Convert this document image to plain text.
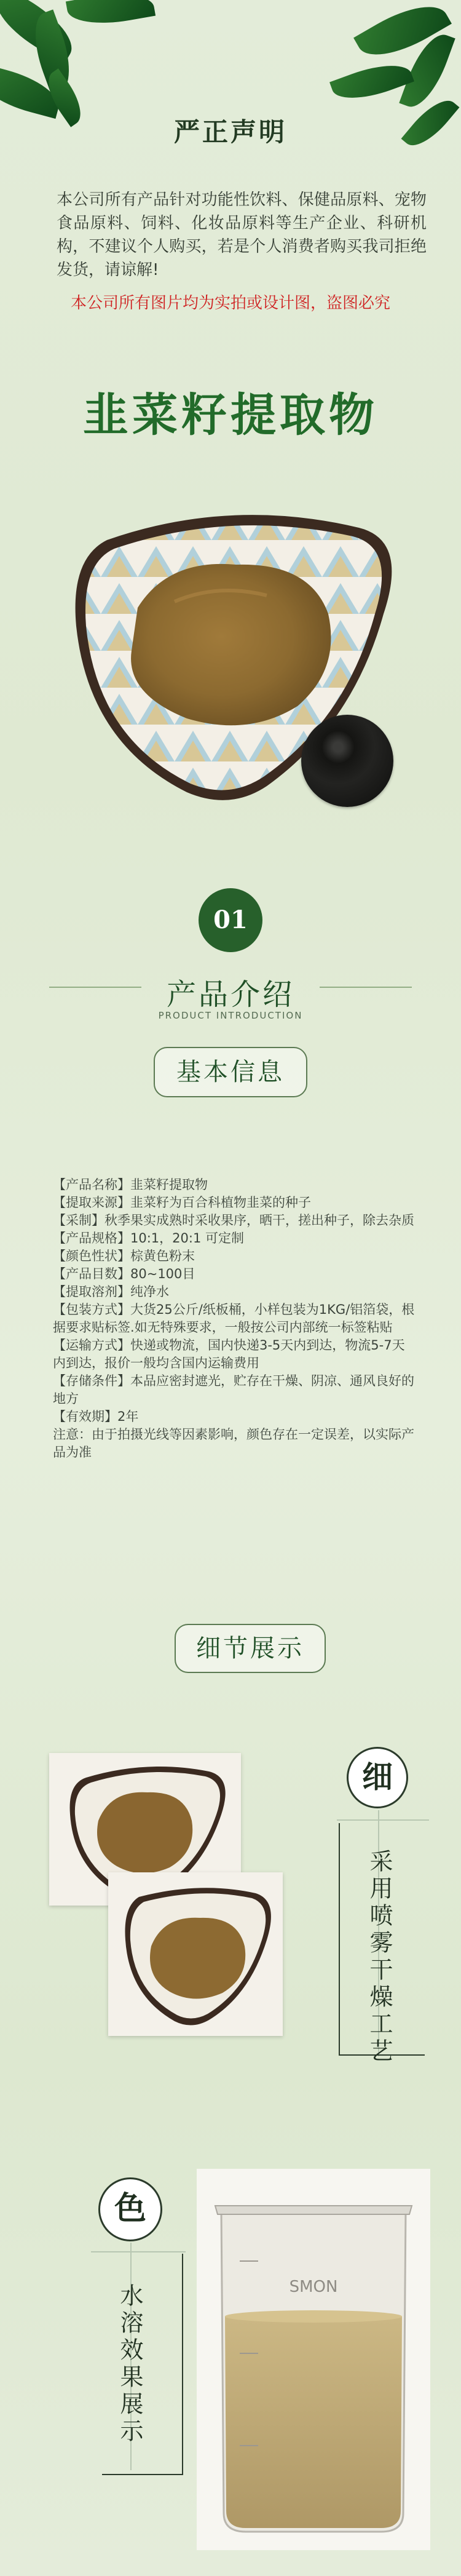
严正声明
本公司所有产品针对功能性饮料、保健品原料、宠物食品原料、饲料、化妆品原料等生产企业、科研机构，不建议个人购买，若是个人消费者购买我司拒绝发货，请谅解!
本公司所有图片均为实拍或设计图，盗图必究
韭菜籽提取物
01
产品介绍
PRODUCT INTRODUCTION
基本信息
【产品名称】韭菜籽提取物
【提取来源】韭菜籽为百合科植物韭菜的种子
【采制】秋季果实成熟时采收果序，晒干，搓出种子，除去杂质
【产品规格】10:1，20:1 可定制
【颜色性状】棕黄色粉末
【产品目数】80~100目
【提取溶剂】纯净水
【包装方式】大货25公斤/纸板桶，小样包装为1KG/铝箔袋，根据要求贴标签.如无特殊要求，一般按公司内部统一标签粘贴
【运输方式】快递或物流，国内快递3-5天内到达，物流5-7天内到达，报价一般均含国内运输费用
【存储条件】本品应密封遮光，贮存在干燥、阴凉、通风良好的地方
【有效期】2年
注意：由于拍摄光线等因素影响，颜色存在一定误差，以实际产品为准
细节展示
细
采用喷雾干燥工艺
SMON
色
水溶效果展示
